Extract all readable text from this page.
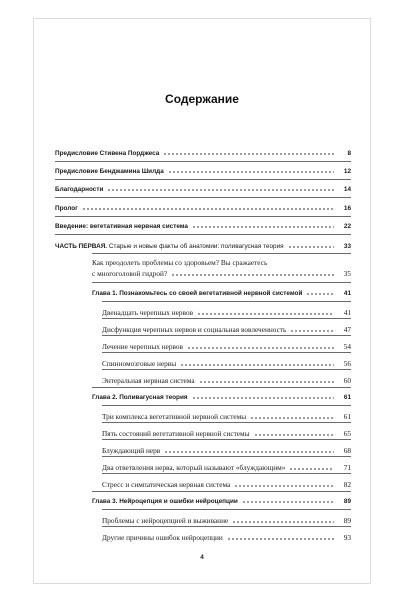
Содержание
Предисловие Стивена Порджеса	8
Предисловие Бенджамина Шилда	12
Благодарности	14
Пролог	16
Введение: вегетативная нервная система	22
ЧАСТЬ ПЕРВАЯ. Старые и новые факты об анатомии: поливагусная теория	33
Как преодолеть проблемы со здоровьем? Вы сражаетесь
с многоголовой гидрой?	35
Глава 1. Познакомьтесь со своей вегетативной нервной системой	41
Двенадцать черепных нервов	41
Дисфункция черепных нервов и социальная вовлеченность	47
Лечение черепных нервов	54
Спинномозговые нервы	56
Энтеральная нервная система	60
Глава 2. Поливагусная теория	61
Три комплекса вегетативной нервной системы	61
Пять состояний вегетативной нервной системы	65
Блуждающий нерв	68
Два ответвления нерва, который называют «блуждающим»	71
Стресс и симпатическая нервная система	82
Глава 3. Нейроцепция и ошибки нейроцепции	89
Проблемы с нейроцепцией и выживание	89
Другие причины ошибок нейроцепции	93
4
